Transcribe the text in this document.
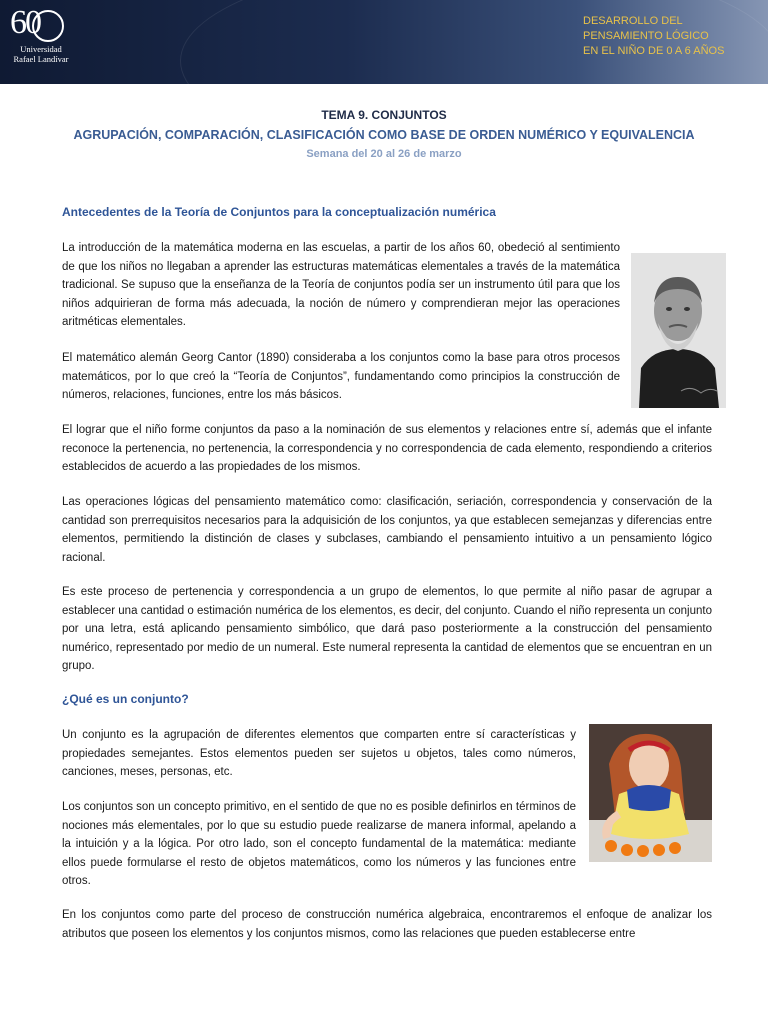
60
Universidad
Rafael Landívar
DESARROLLO DEL
PENSAMIENTO LÓGICO
EN EL NIÑO DE 0 A 6 AÑOS
TEMA 9. CONJUNTOS
AGRUPACIÓN, COMPARACIÓN, CLASIFICACIÓN COMO BASE DE ORDEN NUMÉRICO Y EQUIVALENCIA
Semana del 20 al 26 de marzo
Antecedentes de la Teoría de Conjuntos para la conceptualización numérica

La introducción de la matemática moderna en las escuelas, a partir de los años 60, obedeció al sentimiento de que los niños no llegaban a aprender las estructuras matemáticas elementales a través de la matemática tradicional. Se supuso que la enseñanza de la Teoría de conjuntos podía ser un instrumento útil para que los niños adquirieran de forma más adecuada, la noción de número y comprendieran mejor las operaciones aritméticas elementales.

El matemático alemán Georg Cantor (1890) consideraba a los conjuntos como la base para otros procesos matemáticos, por lo que creó la “Teoría de Conjuntos”, fundamentando como principios la construcción de números, relaciones, funciones, entre los más básicos.

El lograr que el niño forme conjuntos da paso a la nominación de sus elementos y relaciones entre sí, además que el infante reconoce la pertenencia, no pertenencia, la correspondencia y no correspondencia de cada elemento, respondiendo a criterios establecidos de acuerdo a las propiedades de los mismos.

Las operaciones lógicas del pensamiento matemático como: clasificación, seriación, correspondencia y conservación de la cantidad son prerrequisitos necesarios para la adquisición de los conjuntos, ya que establecen semejanzas y diferencias entre elementos, permitiendo la distinción de clases y subclases, cambiando el pensamiento intuitivo a un pensamiento lógico racional.

Es este proceso de pertenencia y correspondencia a un grupo de elementos, lo que permite al niño pasar de agrupar a establecer una cantidad o estimación numérica de los elementos, es decir, del conjunto. Cuando el niño representa un conjunto por una letra, está aplicando pensamiento simbólico, que dará paso posteriormente a la construcción del pensamiento numérico, representado por medio de un numeral. Este numeral representa la cantidad de elementos que se encuentran en un grupo.

¿Qué es un conjunto?

Un conjunto es la agrupación de diferentes elementos que comparten entre sí características y propiedades semejantes. Estos elementos pueden ser sujetos u objetos, tales como números, canciones, meses, personas, etc.

Los conjuntos son un concepto primitivo, en el sentido de que no es posible definirlos en términos de nociones más elementales, por lo que su estudio puede realizarse de manera informal, apelando a la intuición y a la lógica. Por otro lado, son el concepto fundamental de la matemática: mediante ellos puede formularse el resto de objetos matemáticos, como los números y las funciones entre otros.

En los conjuntos como parte del proceso de construcción numérica algebraica, encontraremos el enfoque de analizar los atributos que poseen los elementos y los conjuntos mismos, como las relaciones que pueden establecerse entre
